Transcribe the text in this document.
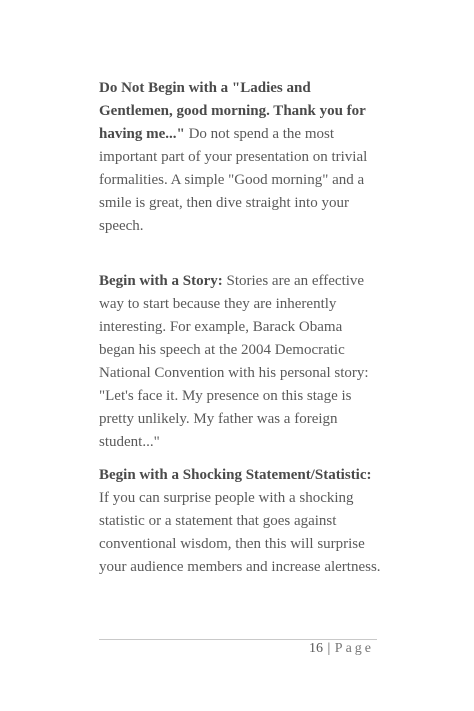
Do Not Begin with a "Ladies and Gentlemen, good morning. Thank you for having me..." Do not spend a the most important part of your presentation on trivial formalities. A simple "Good morning" and a smile is great, then dive straight into your speech.
Begin with a Story: Stories are an effective way to start because they are inherently interesting. For example, Barack Obama began his speech at the 2004 Democratic National Convention with his personal story: "Let's face it. My presence on this stage is pretty unlikely. My father was a foreign student..."
Begin with a Shocking Statement/Statistic: If you can surprise people with a shocking statistic or a statement that goes against conventional wisdom, then this will surprise your audience members and increase alertness.
16 | Page
